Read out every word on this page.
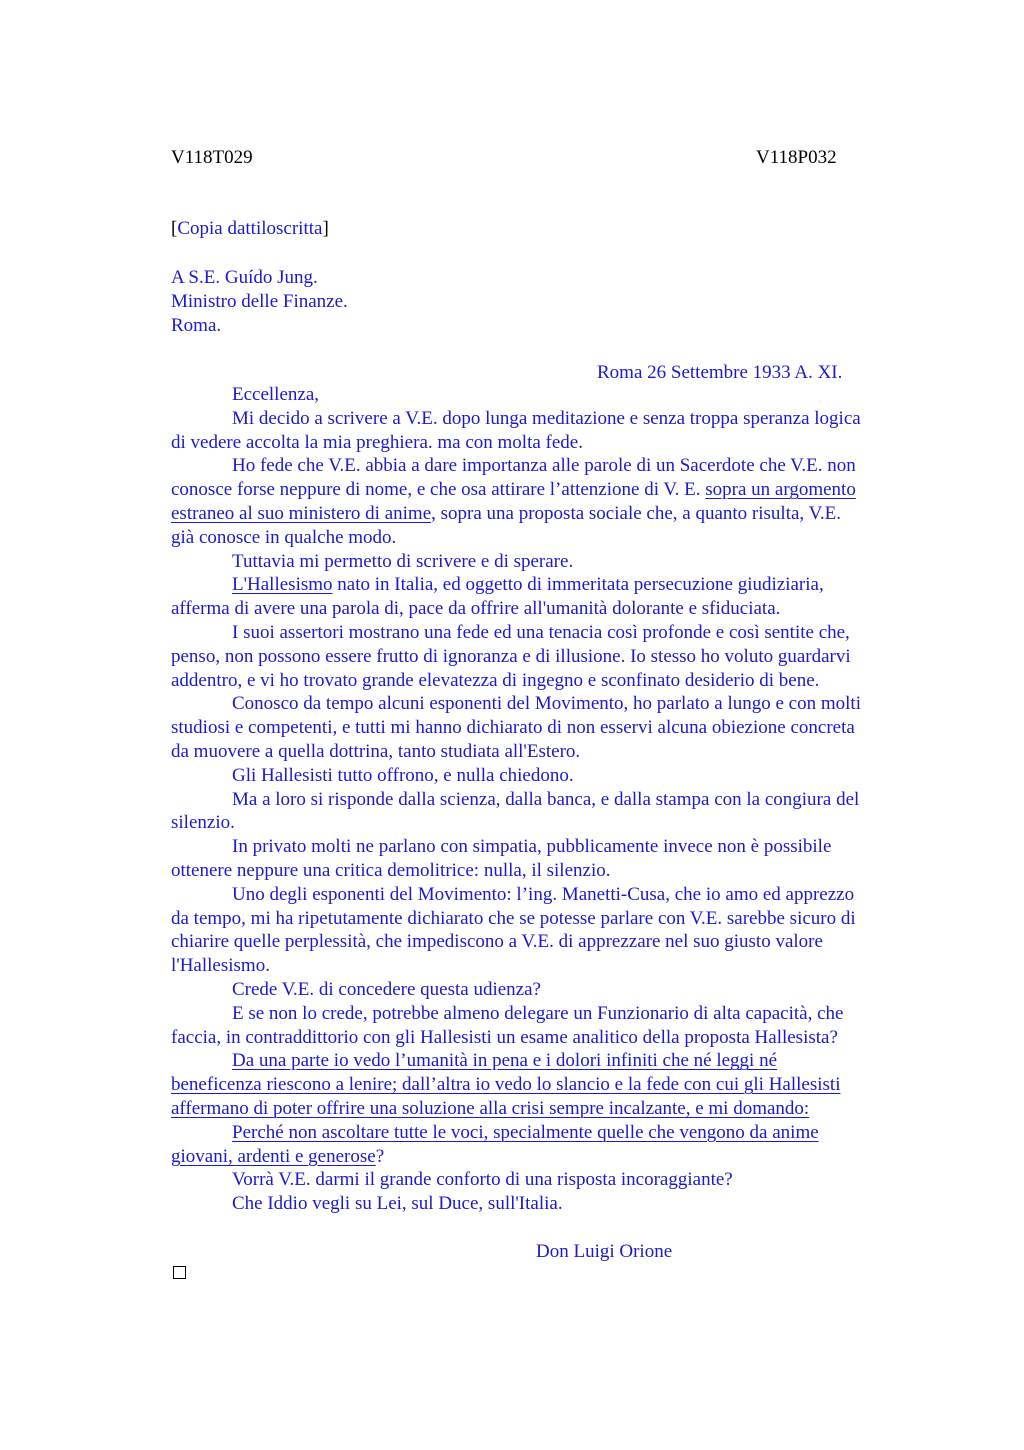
V118T029	V118P032
[Copia dattiloscritta]
A S.E. Guído Jung.
Ministro delle Finanze.
Roma.
Roma 26 Settembre 1933 A. XI.
Eccellenza,
Mi decido a scrivere a V.E. dopo lunga meditazione e senza troppa speranza logica
di vedere accolta la mia preghiera. ma con molta fede.
Ho fede che V.E. abbia a dare importanza alle parole di un Sacerdote che V.E. non
conosce forse neppure di nome, e che osa attirare l’attenzione di V. E. sopra un argomento
estraneo al suo ministero di anime, sopra una proposta sociale che, a quanto risulta, V.E.
già conosce in qualche modo.
Tuttavia mi permetto di scrivere e di sperare.
L'Hallesismo nato in Italia, ed oggetto di immeritata persecuzione giudiziaria,
afferma di avere una parola di, pace da offrire all'umanità dolorante e sfiduciata.
I suoi assertori mostrano una fede ed una tenacia così profonde e così sentite che,
penso, non possono essere frutto di ignoranza e di illusione. Io stesso ho voluto guardarvi
addentro, e vi ho trovato grande elevatezza di ingegno e sconfinato desiderio di bene.
Conosco da tempo alcuni esponenti del Movimento, ho parlato a lungo e con molti
studiosi e competenti, e tutti mi hanno dichiarato di non esservi alcuna obiezione concreta
da muovere a quella dottrina, tanto studiata all'Estero.
Gli Hallesisti tutto offrono, e nulla chiedono.
Ma a loro si risponde dalla scienza, dalla banca, e dalla stampa con la congiura del
silenzio.
In privato molti ne parlano con simpatia, pubblicamente invece non è possibile
ottenere neppure una critica demolitrice: nulla, il silenzio.
Uno degli esponenti del Movimento: l’ing. Manetti-Cusa, che io amo ed apprezzo
da tempo, mi ha ripetutamente dichiarato che se potesse parlare con V.E. sarebbe sicuro di
chiarire quelle perplessità, che impediscono a V.E. di apprezzare nel suo giusto valore
l'Hallesismo.
Crede V.E. di concedere questa udienza?
E se non lo crede, potrebbe almeno delegare un Funzionario di alta capacità, che
faccia, in contraddittorio con gli Hallesisti un esame analitico della proposta Hallesista?
Da una parte io vedo l’umanità in pena e i dolori infiniti che né leggi né
beneficenza riescono a lenire; dall’altra io vedo lo slancio e la fede con cui gli Hallesisti
affermano di poter offrire una soluzione alla crisi sempre incalzante, e mi domando:
Perché non ascoltare tutte le voci, specialmente quelle che vengono da anime
giovani, ardenti e generose?
Vorrà V.E. darmi il grande conforto di una risposta incoraggiante?
Che Iddio vegli su Lei, sul Duce, sull'Italia.
Don Luigi Orione
